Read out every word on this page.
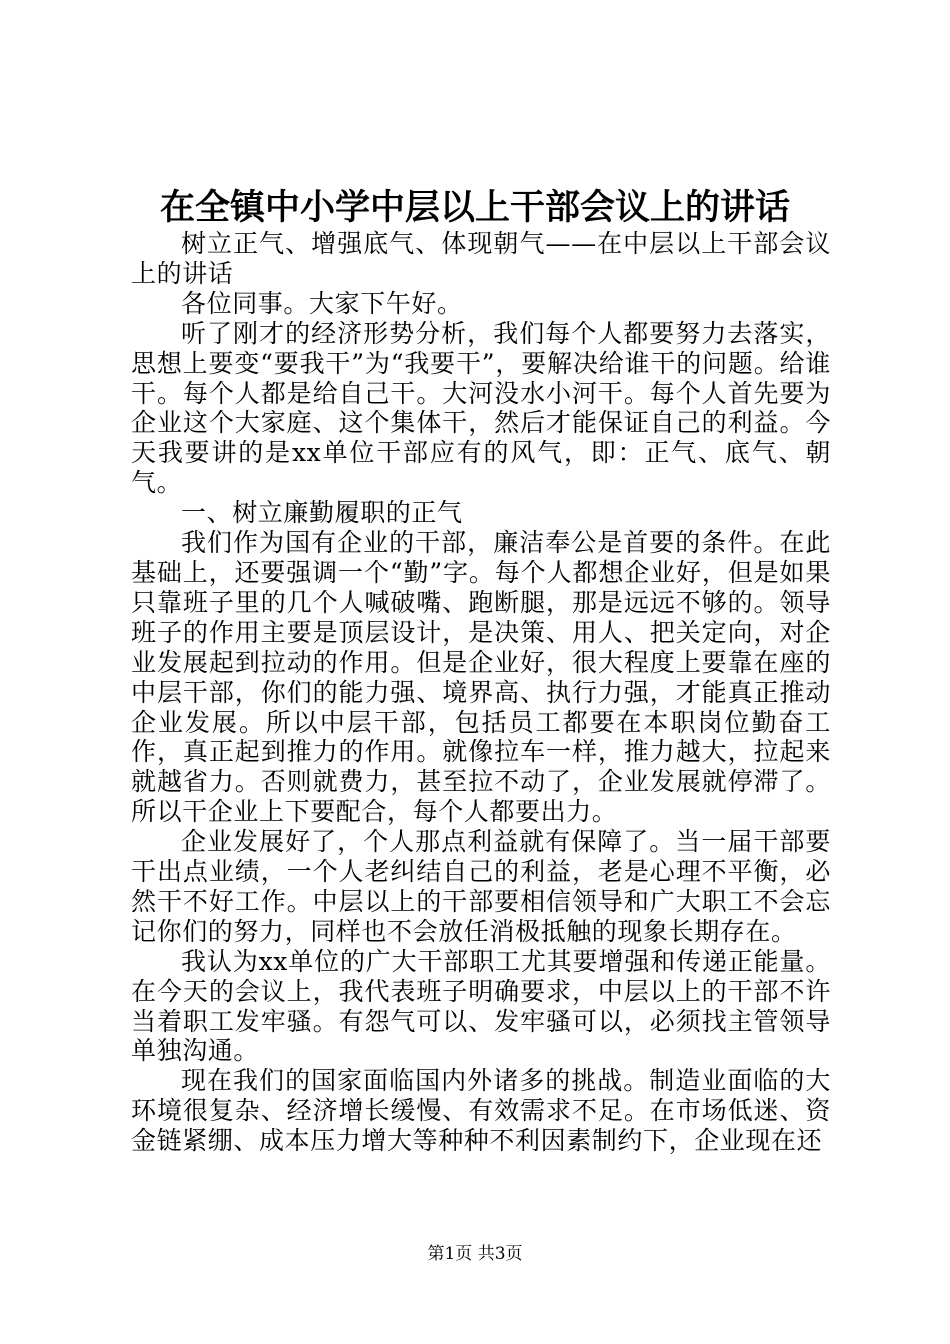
在全镇中小学中层以上干部会议上的讲话

树立正气、增强底气、体现朝气——在中层以上干部会议上的讲话

各位同事。大家下午好。

听了刚才的经济形势分析，我们每个人都要努力去落实，思想上要变“要我干”为“我要干”，要解决给谁干的问题。给谁干。每个人都是给自己干。大河没水小河干。每个人首先要为企业这个大家庭、这个集体干，然后才能保证自己的利益。今天我要讲的是xx单位干部应有的风气，即：正气、底气、朝气。

一、树立廉勤履职的正气

我们作为国有企业的干部，廉洁奉公是首要的条件。在此基础上，还要强调一个“勤”字。每个人都想企业好，但是如果只靠班子里的几个人喊破嘴、跑断腿，那是远远不够的。领导班子的作用主要是顶层设计，是决策、用人、把关定向，对企业发展起到拉动的作用。但是企业好，很大程度上要靠在座的中层干部，你们的能力强、境界高、执行力强，才能真正推动企业发展。所以中层干部，包括员工都要在本职岗位勤奋工作，真正起到推力的作用。就像拉车一样，推力越大，拉起来就越省力。否则就费力，甚至拉不动了，企业发展就停滞了。所以干企业上下要配合，每个人都要出力。

企业发展好了，个人那点利益就有保障了。当一届干部要干出点业绩，一个人老纠结自己的利益，老是心理不平衡，必然干不好工作。中层以上的干部要相信领导和广大职工不会忘记你们的努力，同样也不会放任消极抵触的现象长期存在。

我认为xx单位的广大干部职工尤其要增强和传递正能量。在今天的会议上，我代表班子明确要求，中层以上的干部不许当着职工发牢骚。有怨气可以、发牢骚可以，必须找主管领导单独沟通。

现在我们的国家面临国内外诸多的挑战。制造业面临的大环境很复杂、经济增长缓慢、有效需求不足。在市场低迷、资金链紧绷、成本压力增大等种种不利因素制约下，企业现在还

第1页 共3页
